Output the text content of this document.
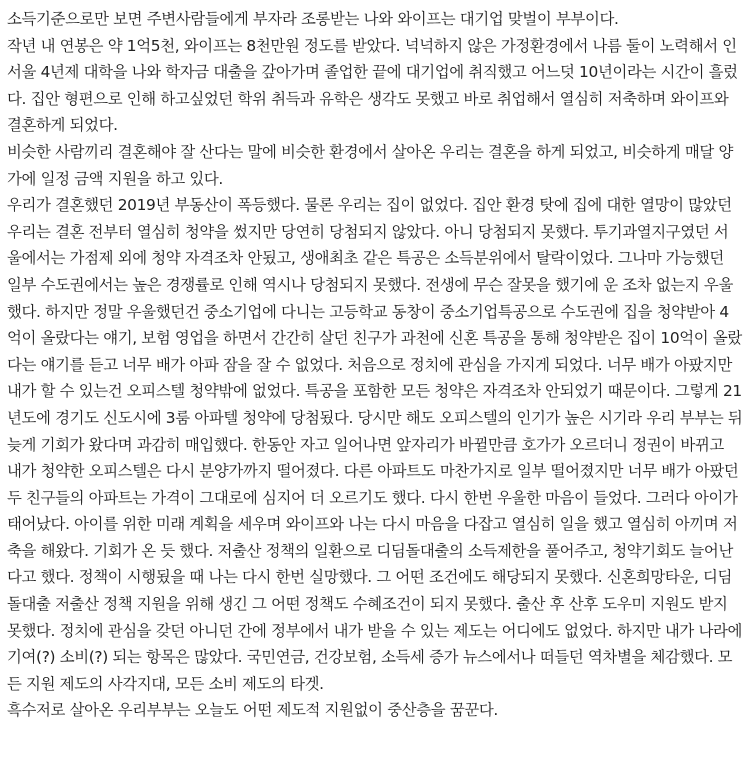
소득기준으로만 보면 주변사람들에게 부자라 조롱받는 나와 와이프는 대기업 맞벌이 부부이다.
작년 내 연봉은 약 1억5천, 와이프는 8천만원 정도를 받았다. 넉넉하지 않은 가정환경에서 나름 둘이 노력해서 인
서울 4년제 대학을 나와 학자금 대출을 갚아가며 졸업한 끝에 대기업에 취직했고 어느덧 10년이라는 시간이 흘렀
다. 집안 형편으로 인해 하고싶었던 학위 취득과 유학은 생각도 못했고 바로 취업해서 열심히 저축하며 와이프와
결혼하게 되었다.
비슷한 사람끼리 결혼해야 잘 산다는 말에 비슷한 환경에서 살아온 우리는 결혼을 하게 되었고, 비슷하게 매달 양
가에 일정 금액 지원을 하고 있다.
우리가 결혼했던 2019년 부동산이 폭등했다. 물론 우리는 집이 없었다. 집안 환경 탓에 집에 대한 열망이 많았던
우리는 결혼 전부터 열심히 청약을 썼지만 당연히 당첨되지 않았다. 아니 당첨되지 못했다. 투기과열지구였던 서
울에서는 가점제 외에 청약 자격조차 안됬고, 생애최초 같은 특공은 소득분위에서 탈락이었다. 그나마 가능했던
일부 수도권에서는 높은 경쟁률로 인해 역시나 당첨되지 못했다. 전생에 무슨 잘못을 했기에 운 조차 없는지 우울
했다. 하지만 정말 우울했던건 중소기업에 다니는 고등학교 동창이 중소기업특공으로 수도권에 집을 청약받아 4
억이 올랐다는 얘기, 보험 영업을 하면서 간간히 살던 친구가 과천에 신혼 특공을 통해 청약받은 집이 10억이 올랐
다는 얘기를 듣고 너무 배가 아파 잠을 잘 수 없었다. 처음으로 정치에 관심을 가지게 되었다. 너무 배가 아팠지만
내가 할 수 있는건 오피스텔 청약밖에 없었다. 특공을 포함한 모든 청약은 자격조차 안되었기 때문이다. 그렇게 21
년도에 경기도 신도시에 3룸 아파텔 청약에 당첨됬다. 당시만 해도 오피스텔의 인기가 높은 시기라 우리 부부는 뒤
늦게 기회가 왔다며 과감히 매입했다. 한동안 자고 일어나면 앞자리가 바뀔만큼 호가가 오르더니 정권이 바뀌고
내가 청약한 오피스텔은 다시 분양가까지 떨어졌다. 다른 아파트도 마찬가지로 일부 떨어졌지만 너무 배가 아팠던
두 친구들의 아파트는 가격이 그대로에 심지어 더 오르기도 했다. 다시 한번 우울한 마음이 들었다. 그러다 아이가
태어났다. 아이를 위한 미래 계획을 세우며 와이프와 나는 다시 마음을 다잡고 열심히 일을 했고 열심히 아끼며 저
축을 해왔다. 기회가 온 듯 했다. 저출산 정책의 일환으로 디딤돌대출의 소득제한을 풀어주고, 청약기회도 늘어난
다고 했다. 정책이 시행됬을 때 나는 다시 한번 실망했다. 그 어떤 조건에도 해당되지 못했다. 신혼희망타운, 디딤
돌대출 저출산 정책 지원을 위해 생긴 그 어떤 정책도 수혜조건이 되지 못했다. 출산 후 산후 도우미 지원도 받지
못했다. 정치에 관심을 갖던 아니던 간에 정부에서 내가 받을 수 있는 제도는 어디에도 없었다. 하지만 내가 나라에
기여(?) 소비(?) 되는 항목은 많았다. 국민연금, 건강보험, 소득세 증가 뉴스에서나 떠들던 역차별을 체감했다. 모
든 지원 제도의 사각지대, 모든 소비 제도의 타겟.
흑수저로 살아온 우리부부는 오늘도 어떤 제도적 지원없이 중산층을 꿈꾼다.
